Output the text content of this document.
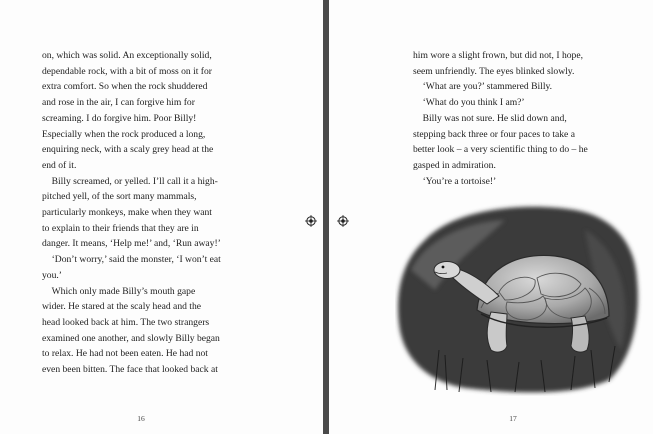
on, which was solid. An exceptionally solid,

dependable rock, with a bit of moss on it for

extra comfort. So when the rock shuddered

and rose in the air, I can forgive him for

screaming. I do forgive him. Poor Billy!

Especially when the rock produced a long,

enquiring neck, with a scaly grey head at the

end of it.

 Billy screamed, or yelled. I’ll call it a high-

pitched yell, of the sort many mammals,

particularly monkeys, make when they want

to explain to their friends that they are in

danger. It means, ‘Help me!’ and, ‘Run away!’

 ‘Don’t worry,’ said the monster, ‘I won’t eat

you.’

 Which only made Billy’s mouth gape

wider. He stared at the scaly head and the

head looked back at him. The two strangers

examined one another, and slowly Billy began

to relax. He had not been eaten. He had not

even been bitten. The face that looked back at

16

him wore a slight frown, but did not, I hope,

seem unfriendly. The eyes blinked slowly.

 ‘What are you?’ stammered Billy.

 ‘What do you think I am?’

 Billy was not sure. He slid down and,

stepping back three or four paces to take a

better look – a very scientific thing to do – he

gasped in admiration.

 ‘You’re a tortoise!’

17
